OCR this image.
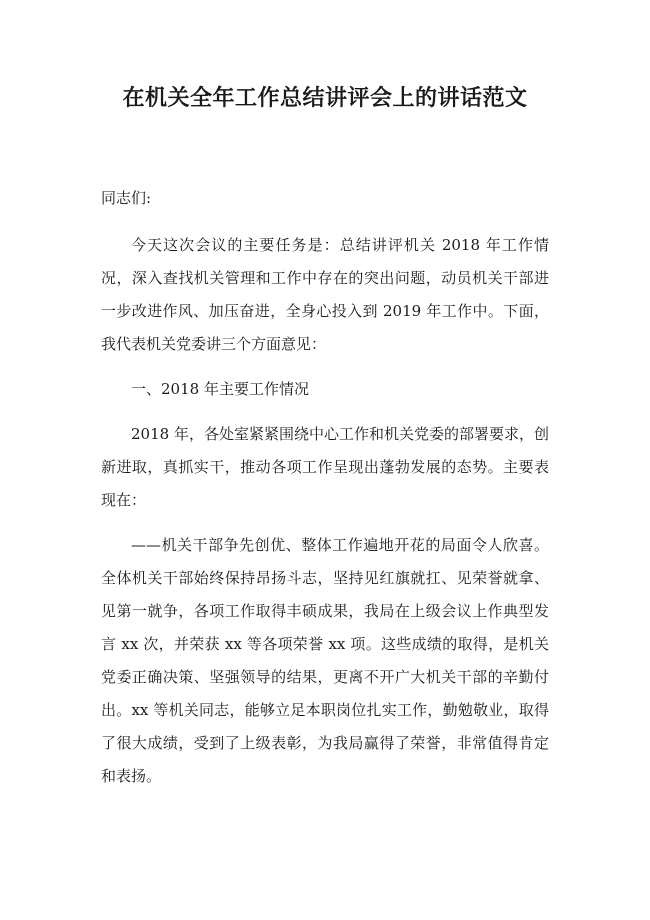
在机关全年工作总结讲评会上的讲话范文

同志们:

今天这次会议的主要任务是：总结讲评机关 2018 年工作情况，深入查找机关管理和工作中存在的突出问题，动员机关干部进一步改进作风、加压奋进，全身心投入到 2019 年工作中。下面，我代表机关党委讲三个方面意见：

一、2018 年主要工作情况

2018 年，各处室紧紧围绕中心工作和机关党委的部署要求，创新进取，真抓实干，推动各项工作呈现出蓬勃发展的态势。主要表现在：

——机关干部争先创优、整体工作遍地开花的局面令人欣喜。全体机关干部始终保持昂扬斗志，坚持见红旗就扛、见荣誉就拿、见第一就争，各项工作取得丰硕成果，我局在上级会议上作典型发言 xx 次，并荣获 xx 等各项荣誉 xx 项。这些成绩的取得，是机关党委正确决策、坚强领导的结果，更离不开广大机关干部的辛勤付出。xx 等机关同志，能够立足本职岗位扎实工作，勤勉敬业，取得了很大成绩，受到了上级表彰，为我局赢得了荣誉，非常值得肯定和表扬。
